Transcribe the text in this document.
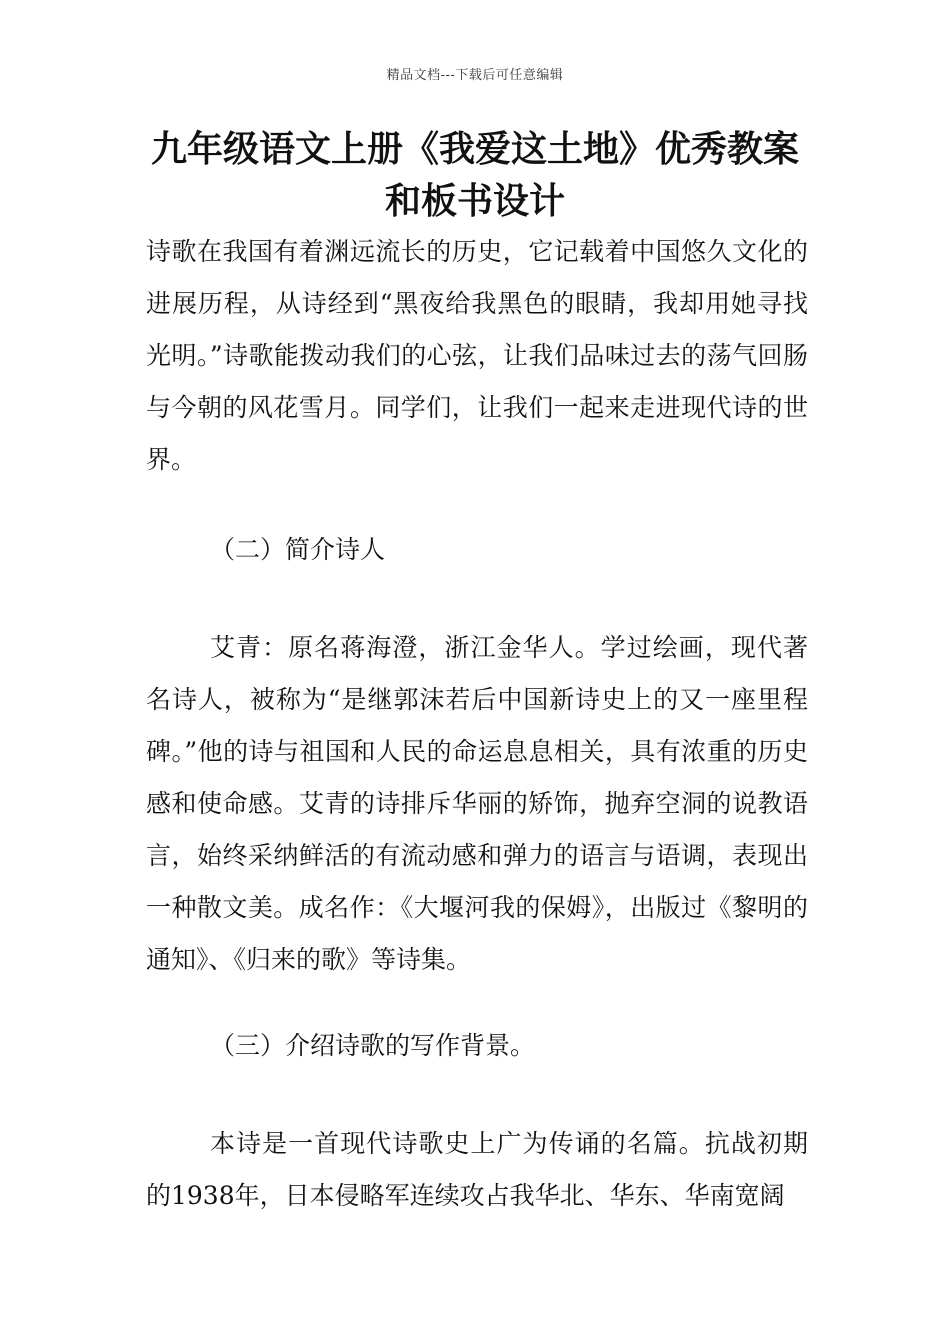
精品文档---下载后可任意编辑
九年级语文上册《我爱这土地》优秀教案和板书设计

诗歌在我国有着渊远流长的历史，它记载着中国悠久文化的进展历程，从诗经到“黑夜给我黑色的眼睛，我却用她寻找光明。”诗歌能拨动我们的心弦，让我们品味过去的荡气回肠与今朝的风花雪月。同学们，让我们一起来走进现代诗的世界。

（二）简介诗人

艾青：原名蒋海澄，浙江金华人。学过绘画，现代著名诗人，被称为“是继郭沫若后中国新诗史上的又一座里程碑。”他的诗与祖国和人民的命运息息相关，具有浓重的历史感和使命感。艾青的诗排斥华丽的矫饰，抛弃空洞的说教语言，始终采纳鲜活的有流动感和弹力的语言与语调，表现出一种散文美。成名作：《大堰河我的保姆》，出版过《黎明的通知》、《归来的歌》等诗集。

（三）介绍诗歌的写作背景。

本诗是一首现代诗歌史上广为传诵的名篇。抗战初期的1938年，日本侵略军连续攻占我华北、华东、华南宽阔
